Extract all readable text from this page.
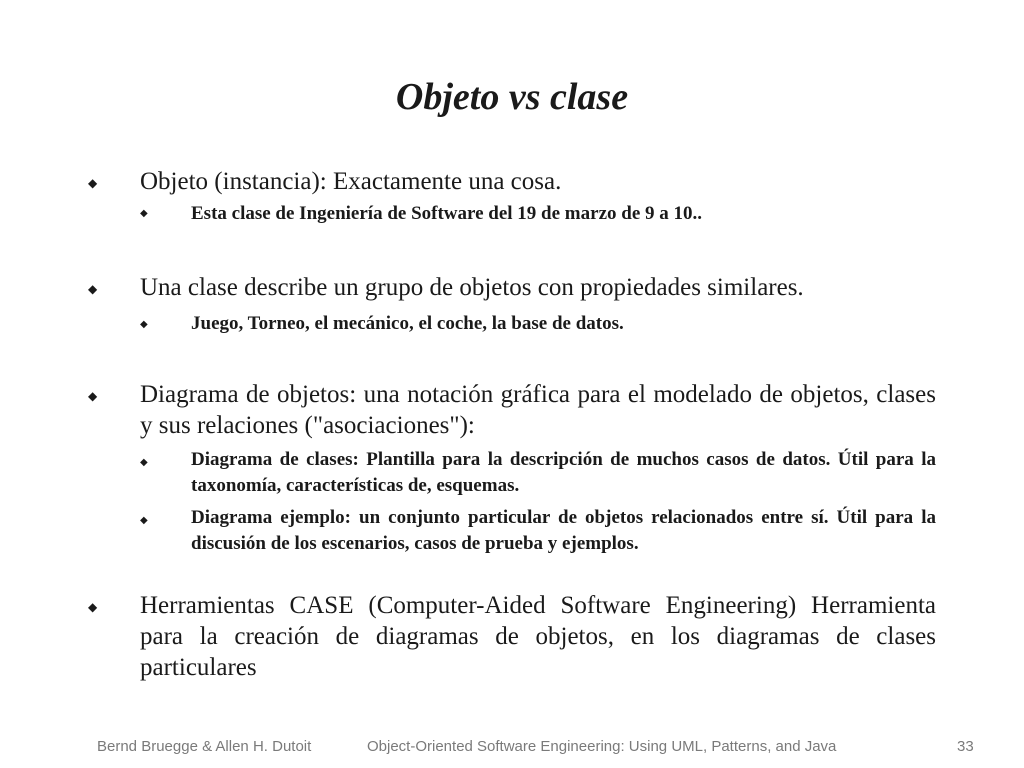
Objeto vs clase
◆ Objeto (instancia): Exactamente una cosa.
◆ Esta clase de Ingeniería de Software del 19 de marzo de 9 a 10..
◆ Una clase describe un grupo de objetos con propiedades similares.
◆ Juego, Torneo, el mecánico, el coche, la base de datos.
◆ Diagrama de objetos: una notación gráfica para el modelado de objetos, clases y sus relaciones ("asociaciones"):
◆ Diagrama de clases: Plantilla para la descripción de muchos casos de datos. Útil para la taxonomía, características de, esquemas.
◆ Diagrama ejemplo: un conjunto particular de objetos relacionados entre sí. Útil para la discusión de los escenarios, casos de prueba y ejemplos.
◆ Herramientas CASE (Computer-Aided Software Engineering) Herramienta para la creación de diagramas de objetos, en los diagramas de clases particulares
Bernd Bruegge & Allen H. Dutoit	Object-Oriented Software Engineering: Using UML, Patterns, and Java	33
